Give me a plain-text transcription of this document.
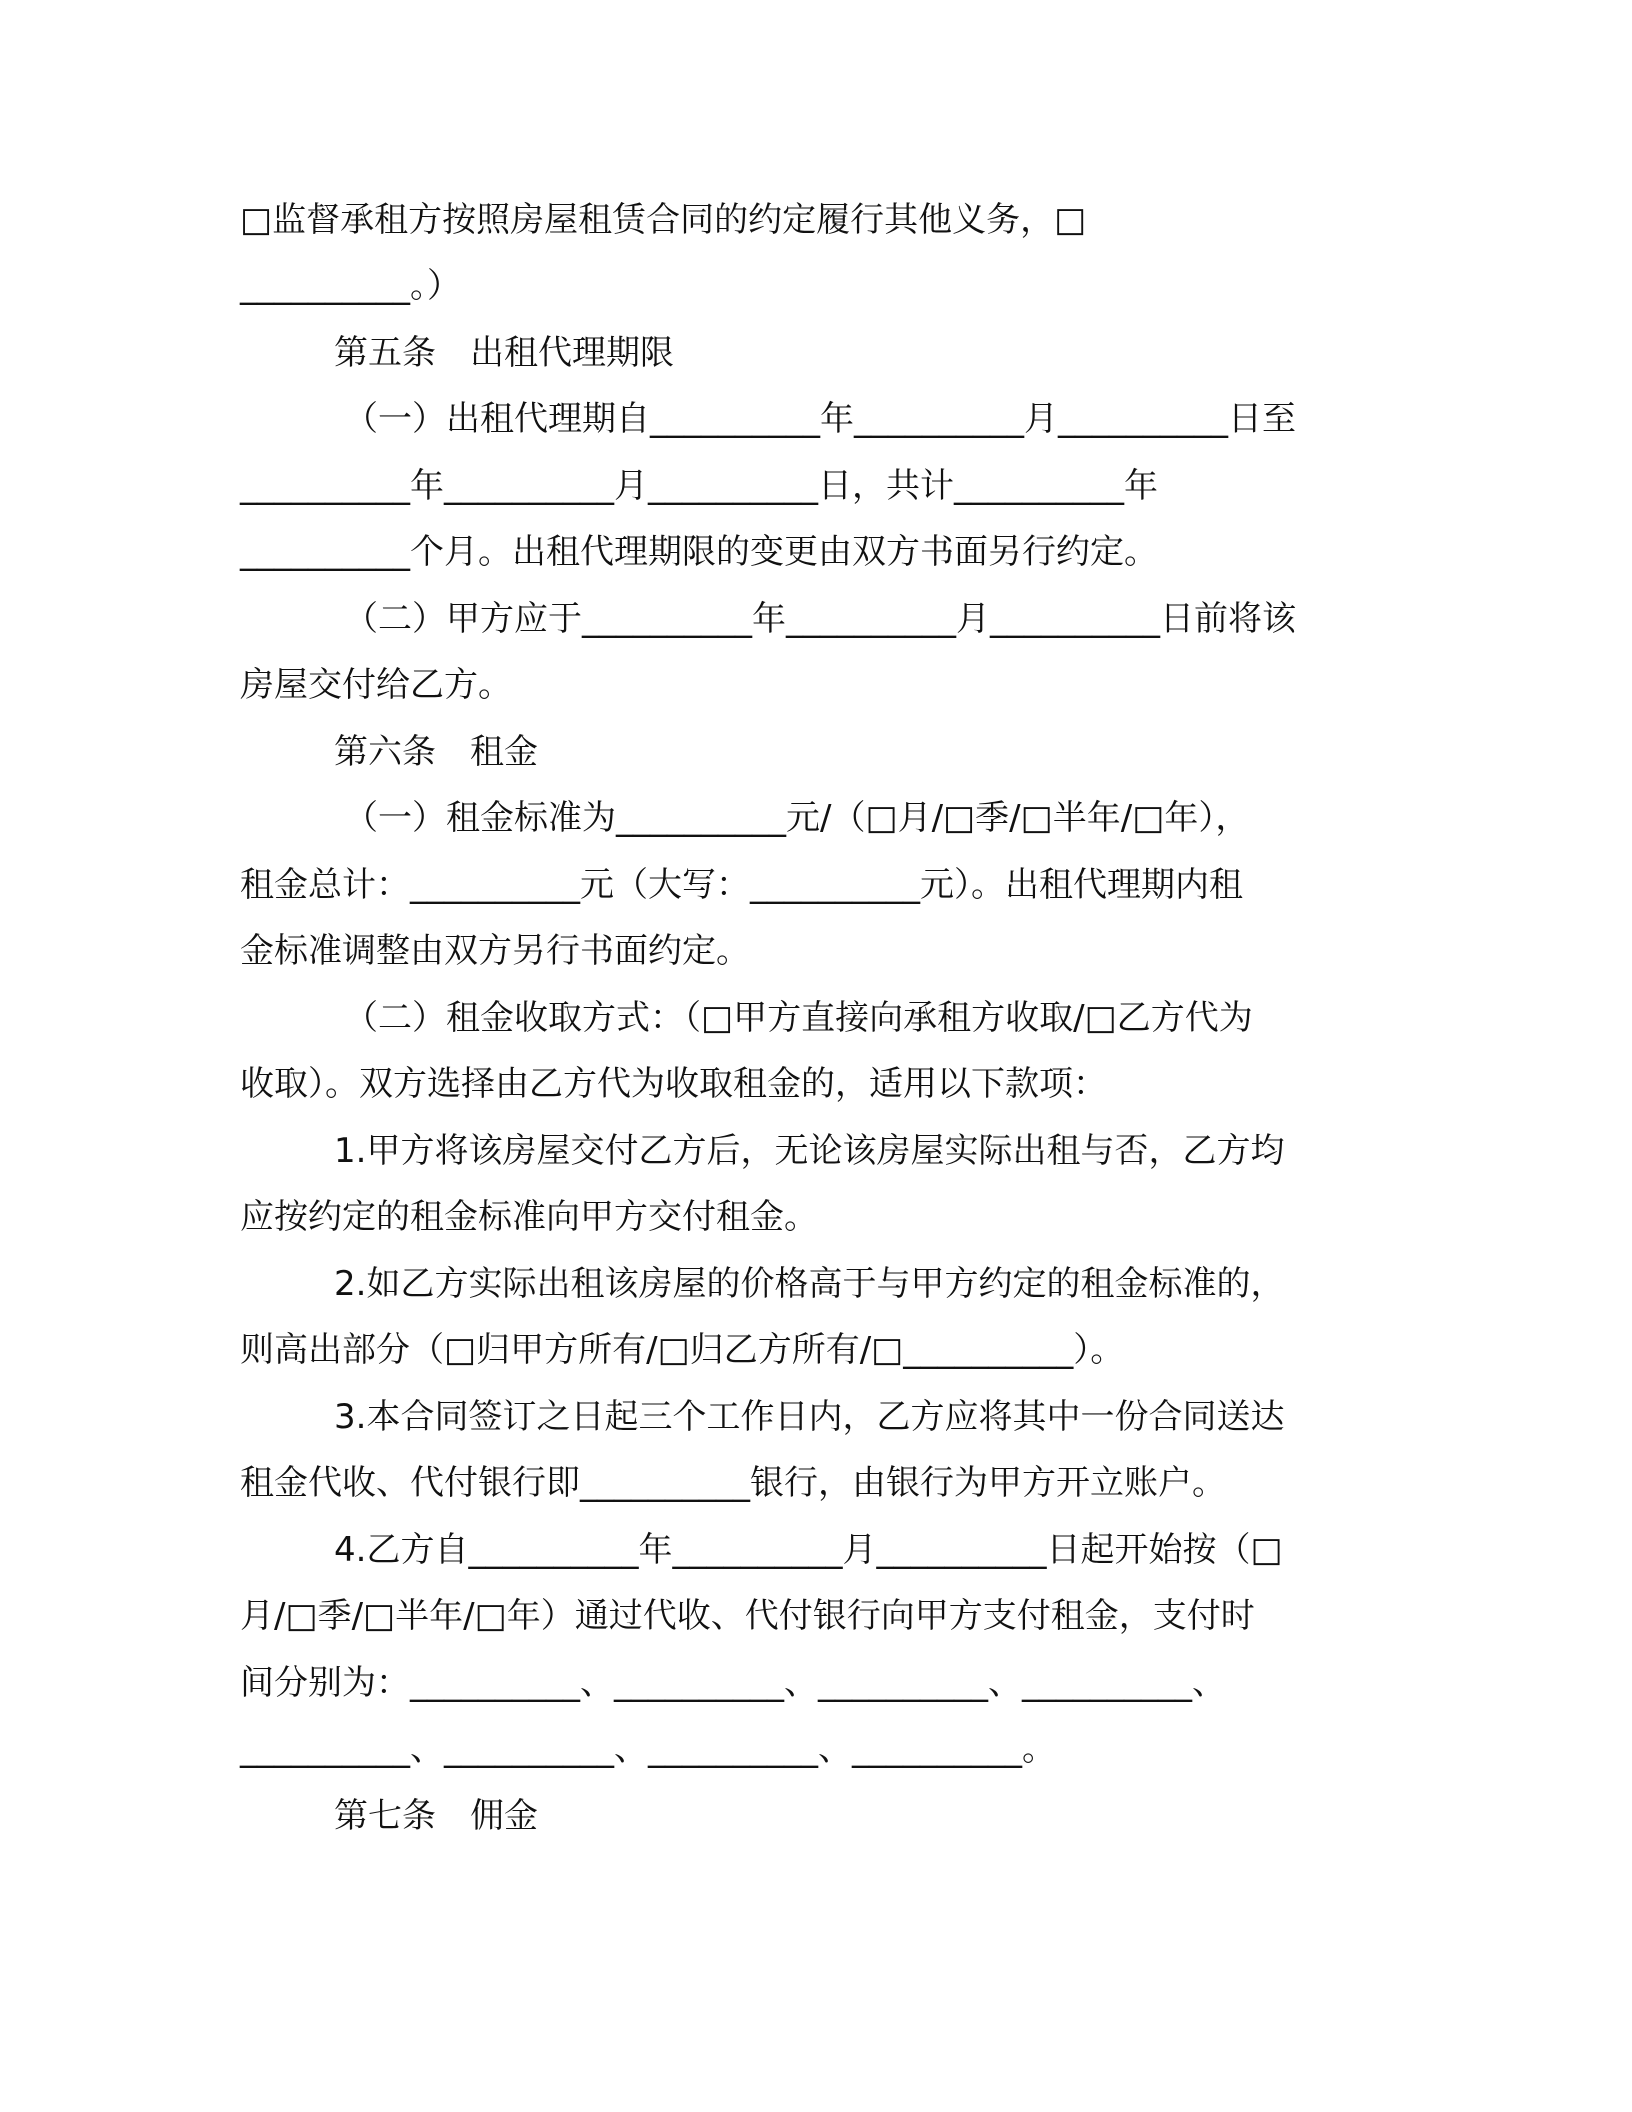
□监督承租方按照房屋租赁合同的约定履行其他义务，□
__________。）
第五条　出租代理期限
（一）出租代理期自__________年__________月__________日至
__________年__________月__________日，共计__________年
__________个月。出租代理期限的变更由双方书面另行约定。
（二）甲方应于__________年__________月__________日前将该
房屋交付给乙方。
第六条　租金
（一）租金标准为__________元/（□月/□季/□半年/□年），
租金总计：__________元（大写：__________元）。出租代理期内租
金标准调整由双方另行书面约定。
（二）租金收取方式：（□甲方直接向承租方收取/□乙方代为
收取）。双方选择由乙方代为收取租金的，适用以下款项：
1.甲方将该房屋交付乙方后，无论该房屋实际出租与否，乙方均
应按约定的租金标准向甲方交付租金。
2.如乙方实际出租该房屋的价格高于与甲方约定的租金标准的，
则高出部分（□归甲方所有/□归乙方所有/□__________）。
3.本合同签订之日起三个工作日内，乙方应将其中一份合同送达
租金代收、代付银行即__________银行，由银行为甲方开立账户。
4.乙方自__________年__________月__________日起开始按（□
月/□季/□半年/□年）通过代收、代付银行向甲方支付租金，支付时
间分别为：__________、__________、__________、__________、
__________、__________、__________、__________。
第七条　佣金
